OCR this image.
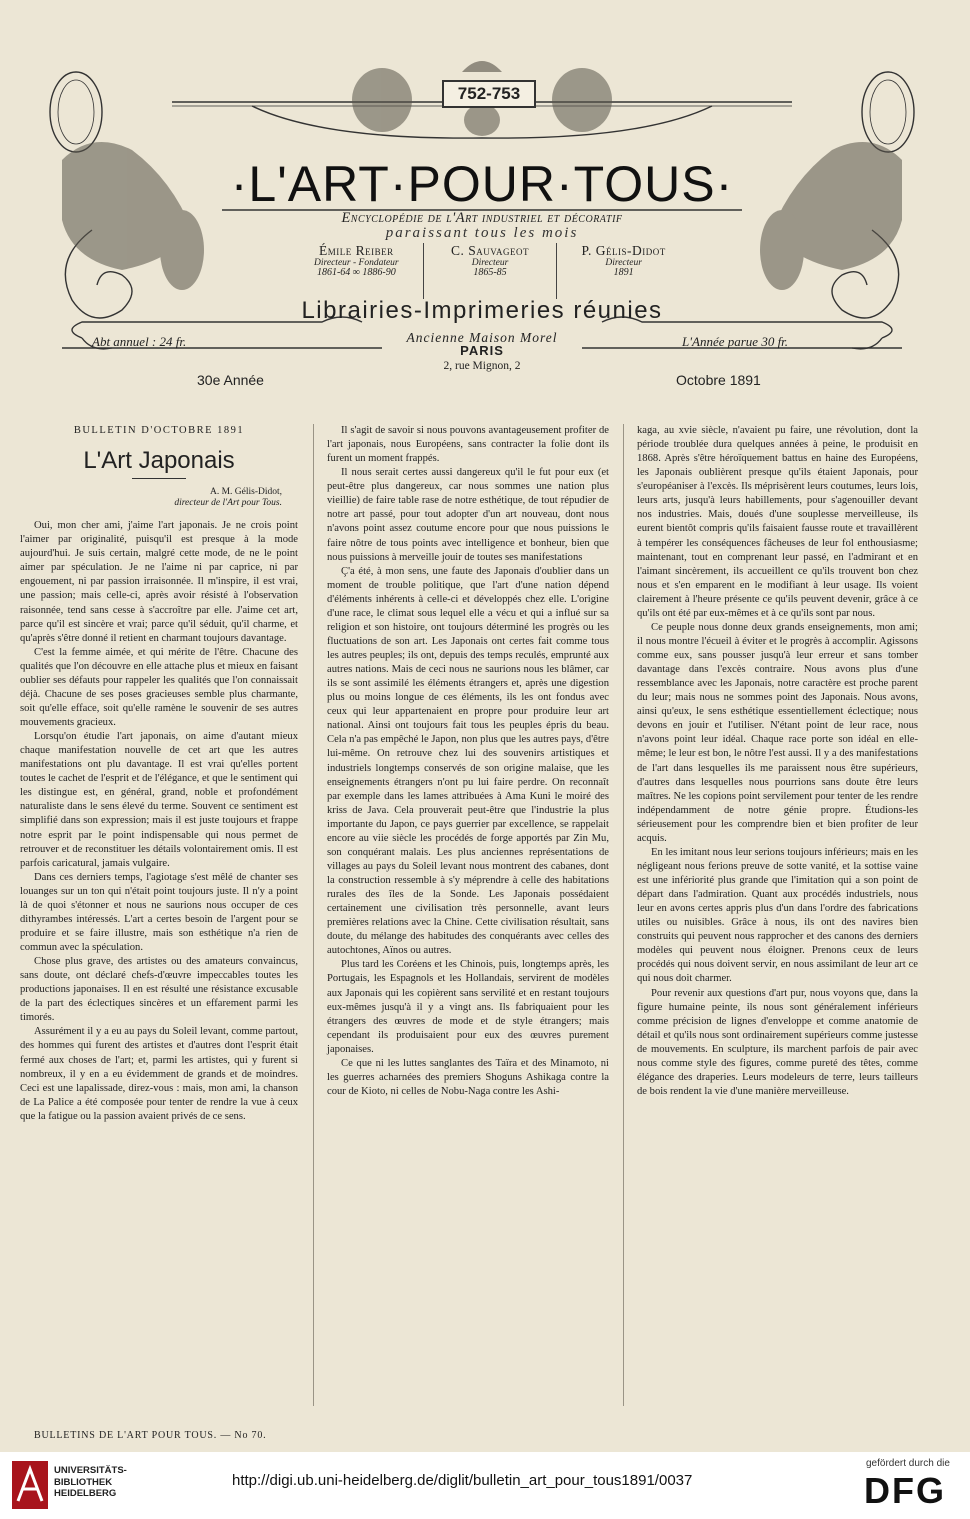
752-753
·L'ART·POUR·TOUS·
Encyclopédie de l'Art industriel et décoratif
paraissant tous les mois
Émile Reiber
Directeur - Fondateur
1861-64 ∞ 1886-90
C. Sauvageot
Directeur
1865-85
P. Gélis-Didot
Directeur
1891
Librairies-Imprimeries réunies
Ancienne Maison Morel
PARIS
2, rue Mignon, 2
Abt annuel : 24 fr.	L'Année parue 30 fr.
30e Année	Octobre 1891
BULLETIN D'OCTOBRE 1891
L'Art Japonais
A. M. Gélis-Didot,
directeur de l'Art pour Tous.

Oui, mon cher ami, j'aime l'art japonais. Je ne crois point l'aimer par originalité, puisqu'il est presque à la mode aujourd'hui. Je suis certain, malgré cette mode, de ne le point aimer par spéculation. Je ne l'aime ni par caprice, ni par engouement, ni par passion irraisonnée. Il m'inspire, il est vrai, une passion; mais celle-ci, après avoir résisté à l'observation raisonnée, tend sans cesse à s'accroître par elle. J'aime cet art, parce qu'il est sincère et vrai; parce qu'il séduit, qu'il charme, et qu'après s'être donné il retient en charmant toujours davantage.

C'est la femme aimée, et qui mérite de l'être. Chacune des qualités que l'on découvre en elle attache plus et mieux en faisant oublier ses défauts pour rappeler les qualités que l'on connaissait déjà. Chacune de ses poses gracieuses semble plus charmante, soit qu'elle efface, soit qu'elle ramène le souvenir de ses autres mouvements gracieux.

Lorsqu'on étudie l'art japonais, on aime d'autant mieux chaque manifestation nouvelle de cet art que les autres manifestations ont plu davantage. Il est vrai qu'elles portent toutes le cachet de l'esprit et de l'élégance, et que le sentiment qui les distingue est, en général, grand, noble et profondément naturaliste dans le sens élevé du terme. Souvent ce sentiment est simplifié dans son expression; mais il est juste toujours et frappe notre esprit par le point indispensable qui nous permet de retrouver et de reconstituer les détails volontairement omis. Il est parfois caricatural, jamais vulgaire.

Dans ces derniers temps, l'agiotage s'est mêlé de chanter ses louanges sur un ton qui n'était point toujours juste. Il n'y a point là de quoi s'étonner et nous ne saurions nous occuper de ces dithyrambes intéressés. L'art a certes besoin de l'argent pour se produire et se faire illustre, mais son esthétique n'a rien de commun avec la spéculation.

Chose plus grave, des artistes ou des amateurs convaincus, sans doute, ont déclaré chefs-d'œuvre impeccables toutes les productions japonaises. Il en est résulté une résistance excusable de la part des éclectiques sincères et un effarement parmi les timorés.

Assurément il y a eu au pays du Soleil levant, comme partout, des hommes qui furent des artistes et d'autres dont l'esprit était fermé aux choses de l'art; et, parmi les artistes, qui y furent si nombreux, il y en a eu évidemment de grands et de moindres. Ceci est une lapalissade, direz-vous : mais, mon ami, la chanson de La Palice a été composée pour tenter de rendre la vue à ceux que la fatigue ou la passion avaient privés de ce sens.

Il s'agit de savoir si nous pouvons avantageusement profiter de l'art japonais, nous Européens, sans contracter la folie dont ils furent un moment frappés.

Il nous serait certes aussi dangereux qu'il le fut pour eux (et peut-être plus dangereux, car nous sommes une nation plus vieillie) de faire table rase de notre esthétique, de tout répudier de notre art passé, pour tout adopter d'un art nouveau, dont nous n'avons point assez coutume encore pour que nous puissions le faire nôtre de tous points avec intelligence et bonheur, bien que nous puissions à merveille jouir de toutes ses manifestations

Ç'a été, à mon sens, une faute des Japonais d'oublier dans un moment de trouble politique, que l'art d'une nation dépend d'éléments inhérents à celle-ci et développés chez elle. L'origine d'une race, le climat sous lequel elle a vécu et qui a influé sur sa religion et son histoire, ont toujours déterminé les progrès ou les fluctuations de son art. Les Japonais ont certes fait comme tous les autres peuples; ils ont, depuis des temps reculés, emprunté aux autres nations. Mais de ceci nous ne saurions nous les blâmer, car ils se sont assimilé les éléments étrangers et, après une digestion plus ou moins longue de ces éléments, ils les ont fondus avec ceux qui leur appartenaient en propre pour produire leur art national. Ainsi ont toujours fait tous les peuples épris du beau. Cela n'a pas empêché le Japon, non plus que les autres pays, d'être lui-même. On retrouve chez lui des souvenirs artistiques et industriels longtemps conservés de son origine malaise, que les enseignements étrangers n'ont pu lui faire perdre. On reconnaît par exemple dans les lames attribuées à Ama Kuni le moiré des kriss de Java. Cela prouverait peut-être que l'industrie la plus importante du Japon, ce pays guerrier par excellence, se rappelait encore au viie siècle les procédés de forge apportés par Zin Mu, son conquérant malais. Les plus anciennes représentations de villages au pays du Soleil levant nous montrent des cabanes, dont la construction ressemble à s'y méprendre à celle des habitations rurales des îles de la Sonde. Les Japonais possédaient certainement une civilisation très personnelle, avant leurs premières relations avec la Chine. Cette civilisation résultait, sans doute, du mélange des habitudes des conquérants avec celles des autochtones, Aïnos ou autres.

Plus tard les Coréens et les Chinois, puis, longtemps après, les Portugais, les Espagnols et les Hollandais, servirent de modèles aux Japonais qui les copièrent sans servilité et en restant toujours eux-mêmes jusqu'à il y a vingt ans. Ils fabriquaient pour les étrangers des œuvres de mode et de style étrangers; mais cependant ils produisaient pour eux des œuvres purement japonaises.

Ce que ni les luttes sanglantes des Taïra et des Minamoto, ni les guerres acharnées des premiers Shoguns Ashikaga contre la cour de Kioto, ni celles de Nobu-Naga contre les Ashi-

kaga, au xvie siècle, n'avaient pu faire, une révolution, dont la période troublée dura quelques années à peine, le produisit en 1868. Après s'être héroïquement battus en haine des Européens, les Japonais oublièrent presque qu'ils étaient Japonais, pour s'européaniser à l'excès. Ils méprisèrent leurs coutumes, leurs lois, leurs arts, jusqu'à leurs habillements, pour s'agenouiller devant nos industries. Mais, doués d'une souplesse merveilleuse, ils eurent bientôt compris qu'ils faisaient fausse route et travaillèrent à tempérer les conséquences fâcheuses de leur fol enthousiasme; maintenant, tout en comprenant leur passé, en l'admirant et en l'aimant sincèrement, ils accueillent ce qu'ils trouvent bon chez nous et s'en emparent en le modifiant à leur usage. Ils voient clairement à l'heure présente ce qu'ils peuvent devenir, grâce à ce qu'ils ont été par eux-mêmes et à ce qu'ils sont par nous.

Ce peuple nous donne deux grands enseignements, mon ami; il nous montre l'écueil à éviter et le progrès à accomplir. Agissons comme eux, sans pousser jusqu'à leur erreur et sans tomber davantage dans l'excès contraire. Nous avons plus d'une ressemblance avec les Japonais, notre caractère est proche parent du leur; mais nous ne sommes point des Japonais. Nous avons, ainsi qu'eux, le sens esthétique essentiellement éclectique; nous devons en jouir et l'utiliser. N'étant point de leur race, nous n'avons point leur idéal. Chaque race porte son idéal en elle-même; le leur est bon, le nôtre l'est aussi. Il y a des manifestations de l'art dans lesquelles ils me paraissent nous être supérieurs, d'autres dans lesquelles nous pourrions sans doute être leurs maîtres. Ne les copions point servilement pour tenter de les rendre indépendamment de notre génie propre. Étudions-les sérieusement pour les comprendre bien et bien profiter de leur acquis.

En les imitant nous leur serions toujours inférieurs; mais en les négligeant nous ferions preuve de sotte vanité, et la sottise vaine est une infériorité plus grande que l'imitation qui a son point de départ dans l'admiration. Quant aux procédés industriels, nous leur en avons certes appris plus d'un dans l'ordre des fabrications utiles ou nuisibles. Grâce à nous, ils ont des navires bien construits qui peuvent nous rapprocher et des canons des derniers modèles qui peuvent nous éloigner. Prenons ceux de leurs procédés qui nous doivent servir, en nous assimilant de leur art ce qui nous doit charmer.

Pour revenir aux questions d'art pur, nous voyons que, dans la figure humaine peinte, ils nous sont généralement inférieurs comme précision de lignes d'enveloppe et comme anatomie de détail et qu'ils nous sont ordinairement supérieurs comme justesse de mouvements. En sculpture, ils marchent parfois de pair avec nous comme style des figures, comme pureté des têtes, comme élégance des draperies. Leurs modeleurs de terre, leurs tailleurs de bois rendent la vie d'une manière merveilleuse.

BULLETINS DE L'ART POUR TOUS. — No 70.
UNIVERSITÄTS-
BIBLIOTHEK
HEIDELBERG
http://digi.ub.uni-heidelberg.de/diglit/bulletin_art_pour_tous1891/0037
gefördert durch die
DFG
